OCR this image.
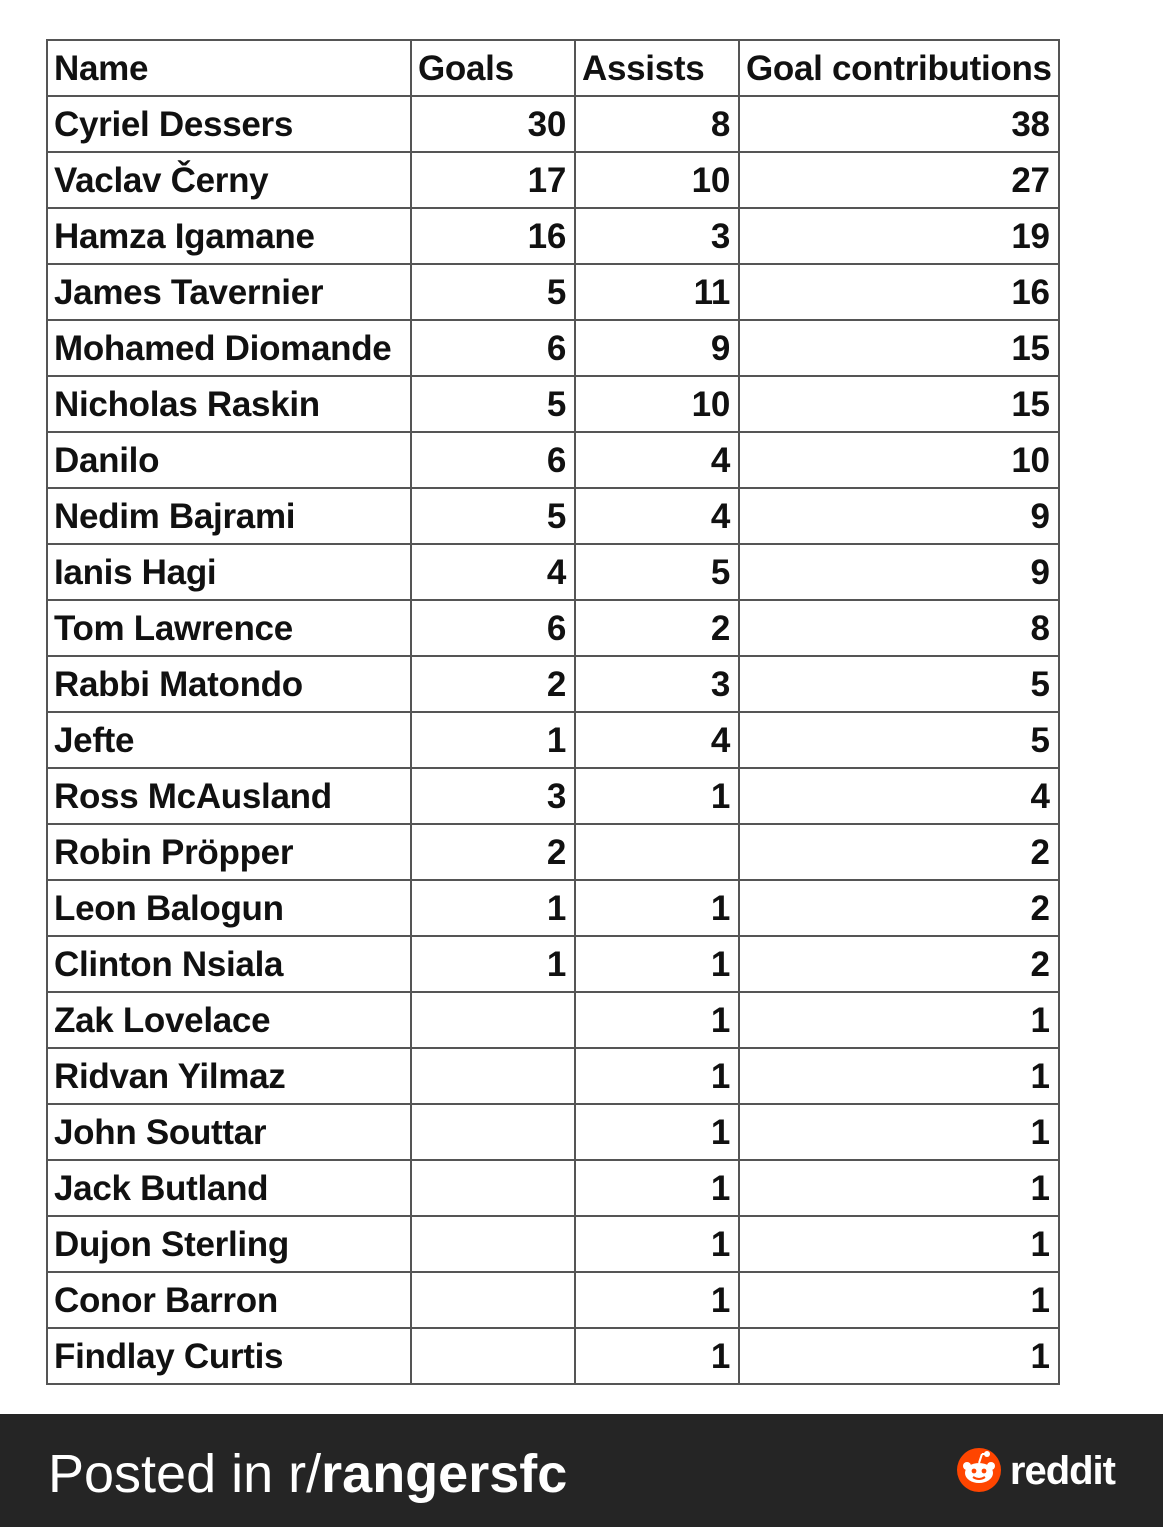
Name	Goals	Assists	Goal contributions
Cyriel Dessers	30	8	38
Vaclav Černy	17	10	27
Hamza Igamane	16	3	19
James Tavernier	5	11	16
Mohamed Diomande	6	9	15
Nicholas Raskin	5	10	15
Danilo	6	4	10
Nedim Bajrami	5	4	9
Ianis Hagi	4	5	9
Tom Lawrence	6	2	8
Rabbi Matondo	2	3	5
Jefte	1	4	5
Ross McAusland	3	1	4
Robin Pröpper	2		2
Leon Balogun	1	1	2
Clinton Nsiala	1	1	2
Zak Lovelace		1	1
Ridvan Yilmaz		1	1
John Souttar		1	1
Jack Butland		1	1
Dujon Sterling		1	1
Conor Barron		1	1
Findlay Curtis		1	1
Posted in r/rangersfc	reddit
